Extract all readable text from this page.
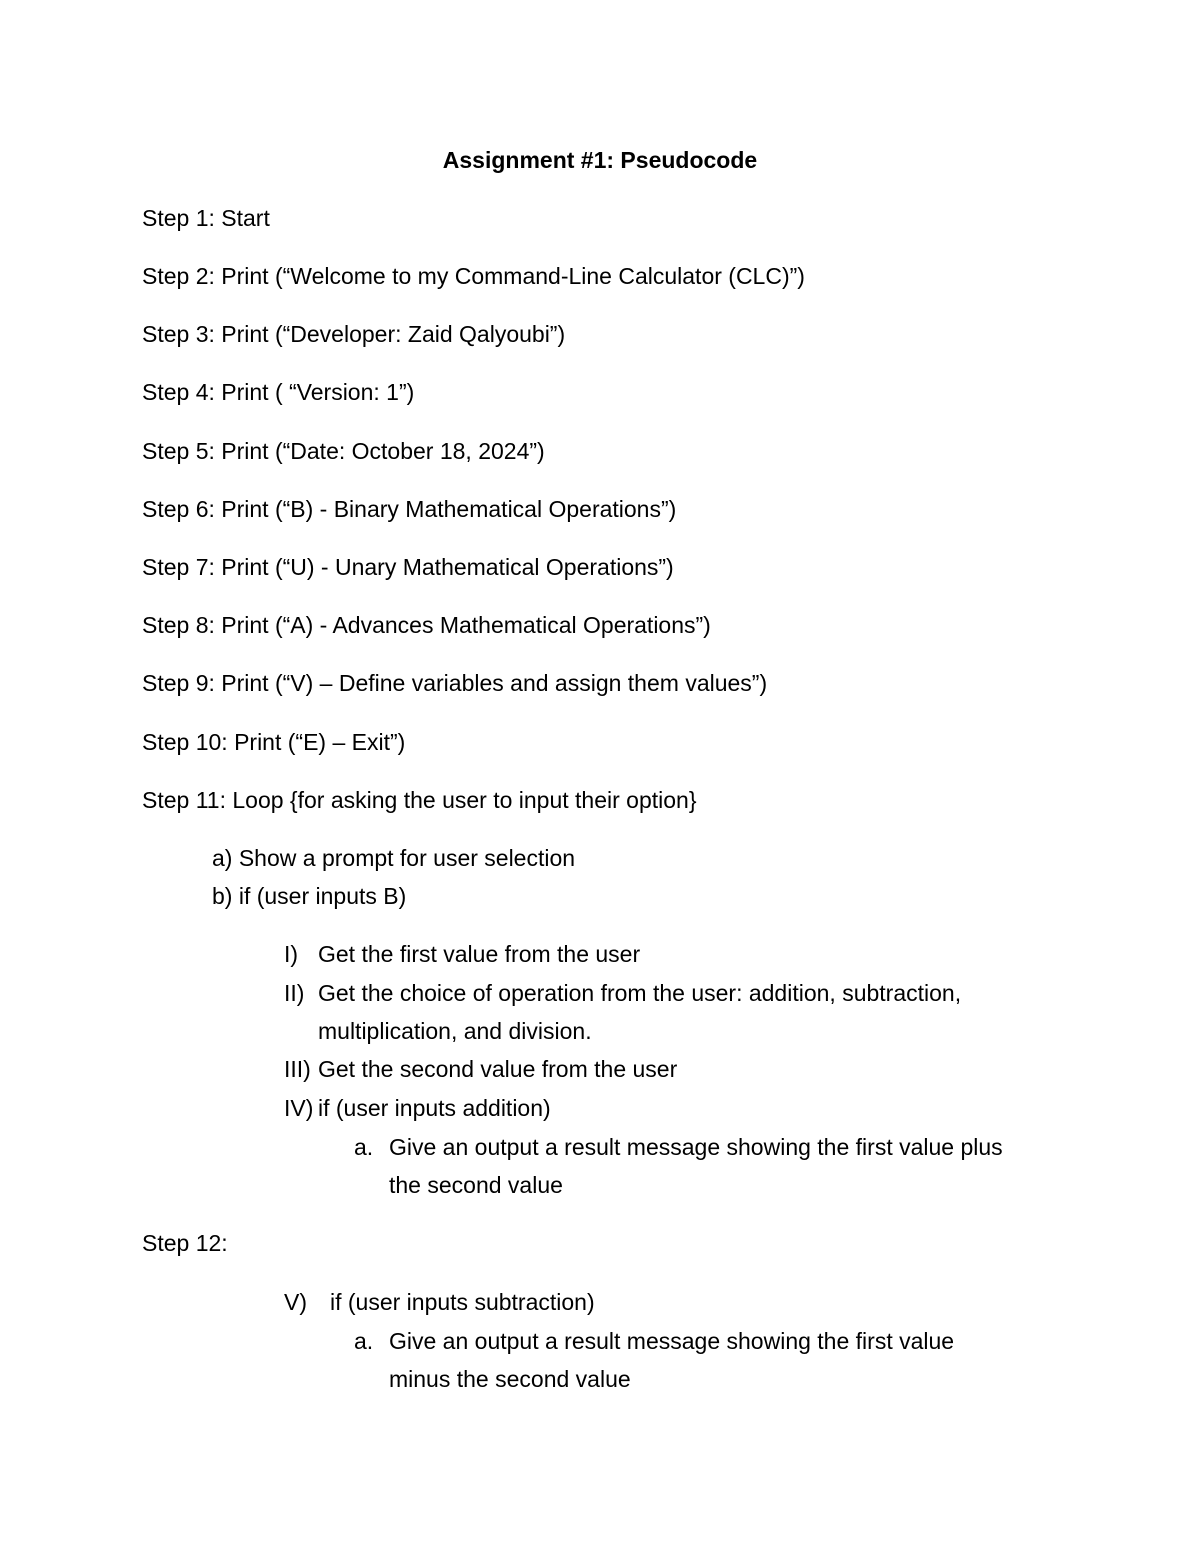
Assignment #1: Pseudocode
Step 1: Start
Step 2: Print (“Welcome to my Command-Line Calculator (CLC)”)
Step 3: Print (“Developer: Zaid Qalyoubi”)
Step 4: Print ( “Version: 1”)
Step 5: Print (“Date: October 18, 2024”)
Step 6: Print (“B) - Binary Mathematical Operations”)
Step 7: Print (“U) - Unary Mathematical Operations”)
Step 8: Print (“A) - Advances Mathematical Operations”)
Step 9: Print (“V) – Define variables and assign them values”)
Step 10: Print (“E) – Exit”)
Step 11: Loop {for asking the user to input their option}
a) Show a prompt for user selection
b) if (user inputs B)
I) Get the first value from the user
II) Get the choice of operation from the user: addition, subtraction,
multiplication, and division.
III) Get the second value from the user
IV) if (user inputs addition)
a. Give an output a result message showing the first value plus
the second value
Step 12:
V) if (user inputs subtraction)
a. Give an output a result message showing the first value
minus the second value
